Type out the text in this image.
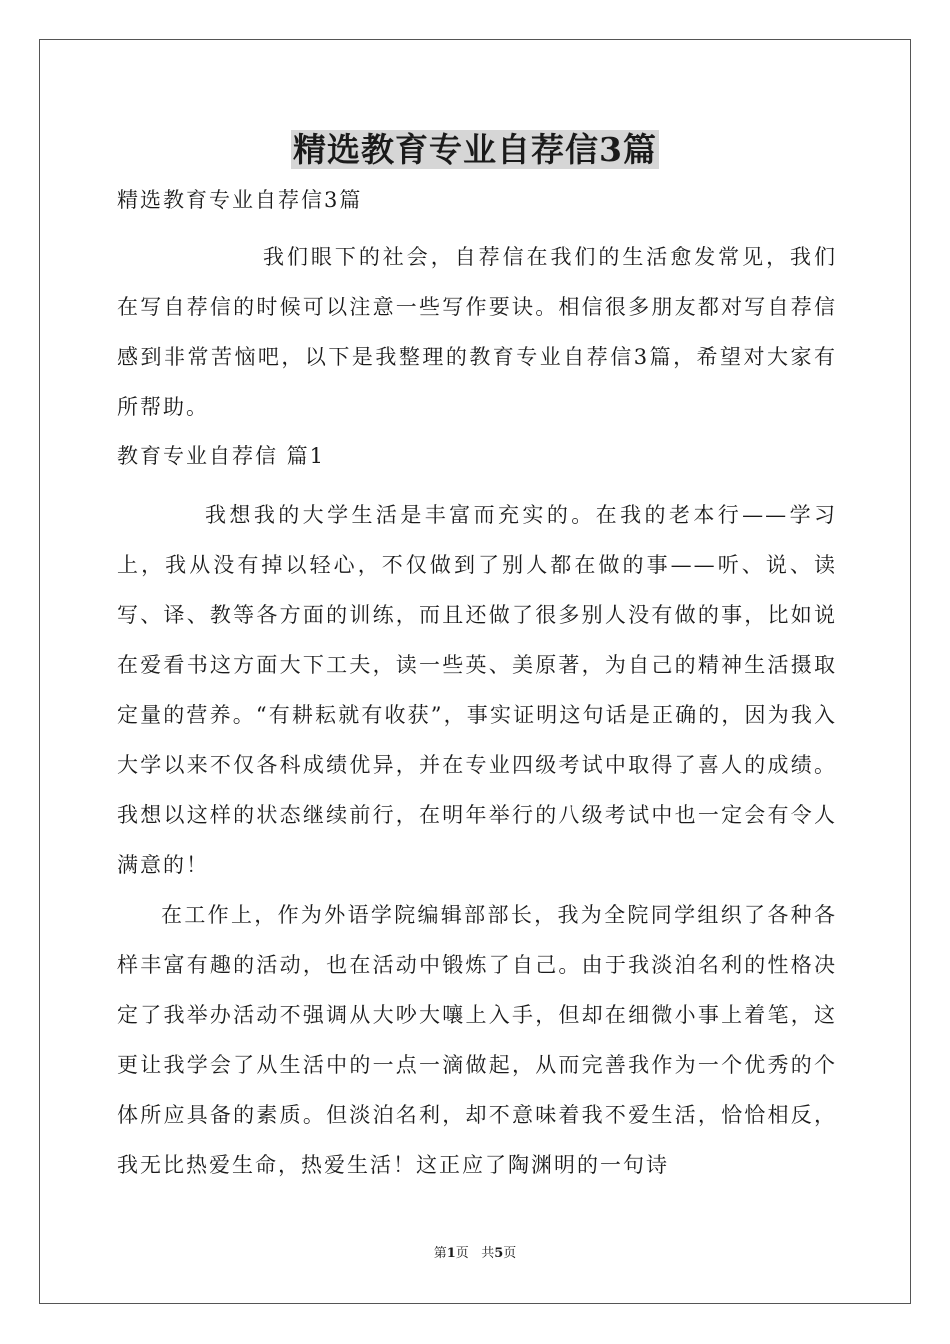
精选教育专业自荐信3篇

精选教育专业自荐信3篇

我们眼下的社会，自荐信在我们的生活愈发常见，我们在写自荐信的时候可以注意一些写作要诀。相信很多朋友都对写自荐信感到非常苦恼吧，以下是我整理的教育专业自荐信3篇，希望对大家有所帮助。

教育专业自荐信 篇1

我想我的大学生活是丰富而充实的。在我的老本行——学习上，我从没有掉以轻心，不仅做到了别人都在做的事——听、说、读写、译、教等各方面的训练，而且还做了很多别人没有做的事，比如说在爱看书这方面大下工夫，读一些英、美原著，为自己的精神生活摄取定量的营养。“有耕耘就有收获”，事实证明这句话是正确的，因为我入大学以来不仅各科成绩优异，并在专业四级考试中取得了喜人的成绩。我想以这样的状态继续前行，在明年举行的八级考试中也一定会有令人满意的！

在工作上，作为外语学院编辑部部长，我为全院同学组织了各种各样丰富有趣的活动，也在活动中锻炼了自己。由于我淡泊名利的性格决定了我举办活动不强调从大吵大嚷上入手，但却在细微小事上着笔，这更让我学会了从生活中的一点一滴做起，从而完善我作为一个优秀的个体所应具备的素质。但淡泊名利，却不意味着我不爱生活，恰恰相反，我无比热爱生命，热爱生活！这正应了陶渊明的一句诗

第1页   共5页
